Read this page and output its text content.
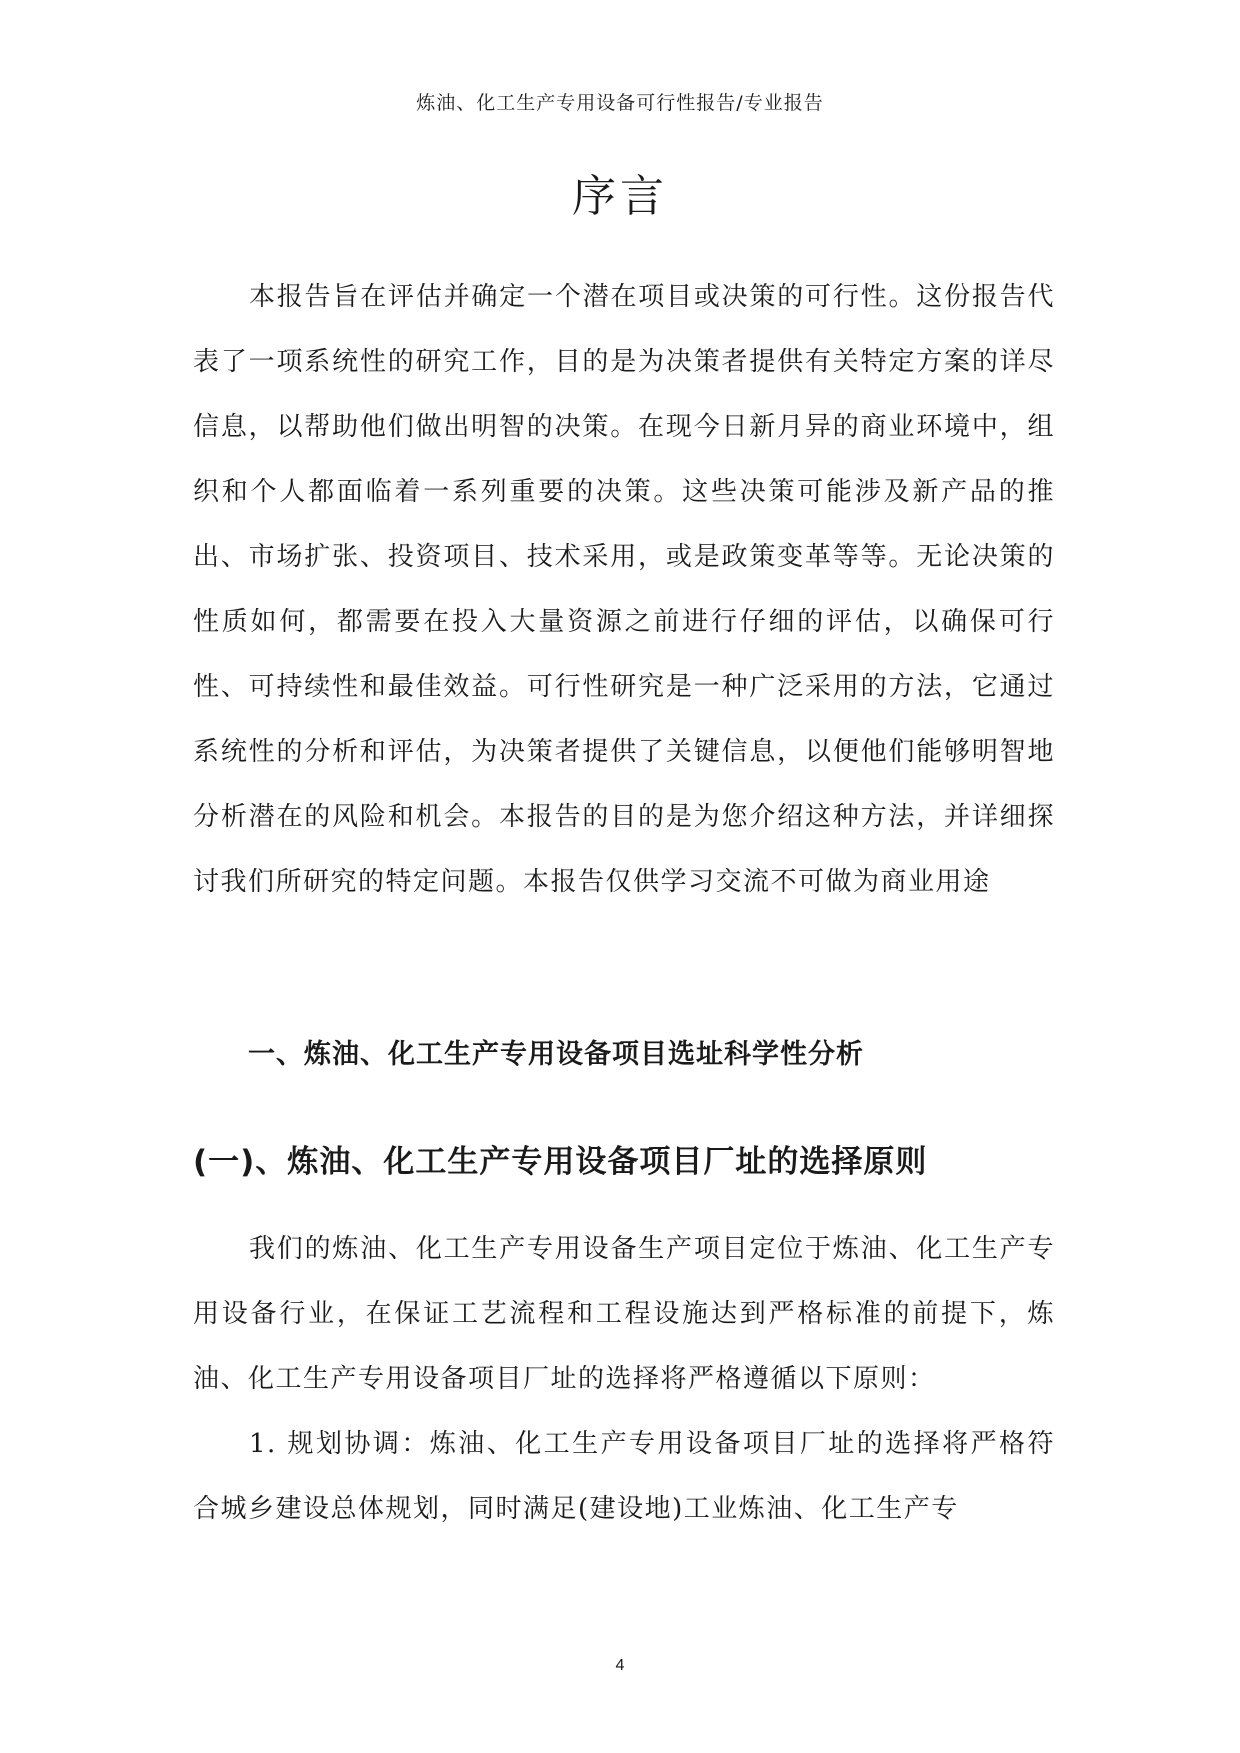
炼油、化工生产专用设备可行性报告/专业报告
序言

本报告旨在评估并确定一个潜在项目或决策的可行性。这份报告代表了一项系统性的研究工作，目的是为决策者提供有关特定方案的详尽信息，以帮助他们做出明智的决策。在现今日新月异的商业环境中，组织和个人都面临着一系列重要的决策。这些决策可能涉及新产品的推出、市场扩张、投资项目、技术采用，或是政策变革等等。无论决策的性质如何，都需要在投入大量资源之前进行仔细的评估，以确保可行性、可持续性和最佳效益。可行性研究是一种广泛采用的方法，它通过系统性的分析和评估，为决策者提供了关键信息，以便他们能够明智地分析潜在的风险和机会。本报告的目的是为您介绍这种方法，并详细探讨我们所研究的特定问题。本报告仅供学习交流不可做为商业用途

一、炼油、化工生产专用设备项目选址科学性分析
(一)、炼油、化工生产专用设备项目厂址的选择原则

我们的炼油、化工生产专用设备生产项目定位于炼油、化工生产专用设备行业，在保证工艺流程和工程设施达到严格标准的前提下，炼油、化工生产专用设备项目厂址的选择将严格遵循以下原则：

1. 规划协调：炼油、化工生产专用设备项目厂址的选择将严格符合城乡建设总体规划，同时满足(建设地)工业炼油、化工生产专

4
